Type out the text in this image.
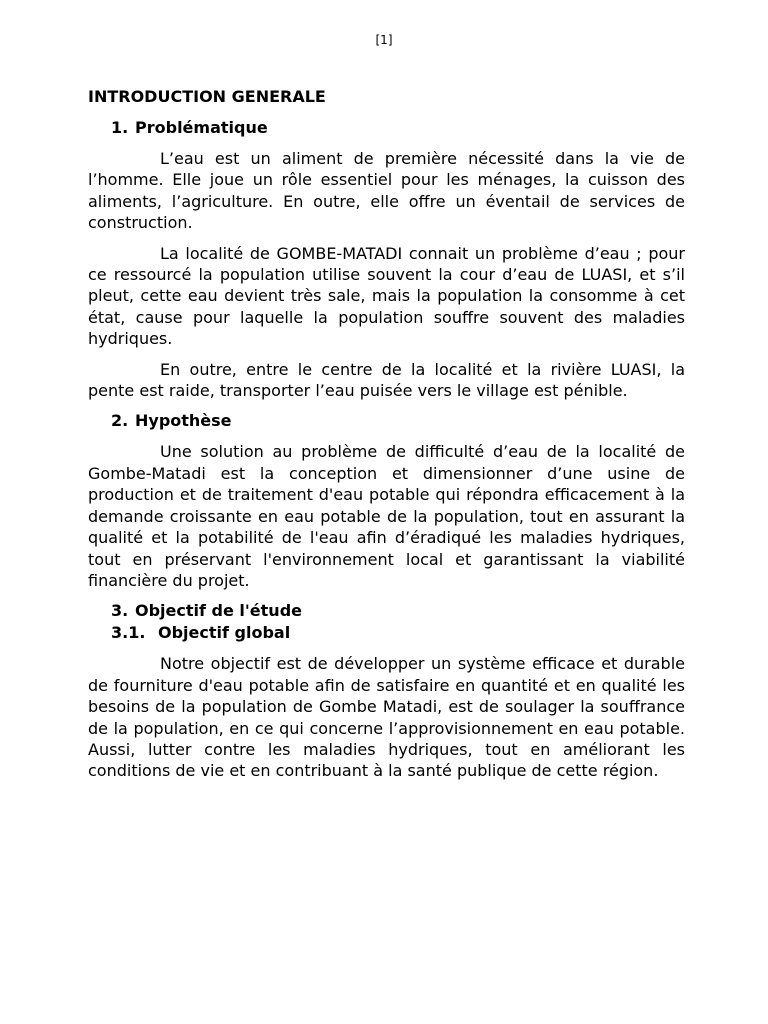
[1]
INTRODUCTION GENERALE
1. Problématique

L’eau est un aliment de première nécessité dans la vie de l’homme. Elle joue un rôle essentiel pour les ménages, la cuisson des aliments, l’agriculture. En outre, elle offre un éventail de services de construction.

La localité de GOMBE-MATADI connait un problème d’eau ; pour ce ressourcé la population utilise souvent la cour d’eau de LUASI, et s’il pleut, cette eau devient très sale, mais la population la consomme à cet état, cause pour laquelle la population souffre souvent des maladies hydriques.

En outre, entre le centre de la localité et la rivière LUASI, la pente est raide, transporter l’eau puisée vers le village est pénible.

2. Hypothèse

Une solution au problème de difficulté d’eau de la localité de Gombe-Matadi est la conception et dimensionner d’une usine de production et de traitement d'eau potable qui répondra efficacement à la demande croissante en eau potable de la population, tout en assurant la qualité et la potabilité de l'eau afin d’éradiqué les maladies hydriques, tout en préservant l'environnement local et garantissant la viabilité financière du projet.

3. Objectif de l'étude
3.1. Objectif global

Notre objectif est de développer un système efficace et durable de fourniture d'eau potable afin de satisfaire en quantité et en qualité les besoins de la population de Gombe Matadi, est de soulager la souffrance de la population, en ce qui concerne l’approvisionnement en eau potable. Aussi, lutter contre les maladies hydriques, tout en améliorant les conditions de vie et en contribuant à la santé publique de cette région.
